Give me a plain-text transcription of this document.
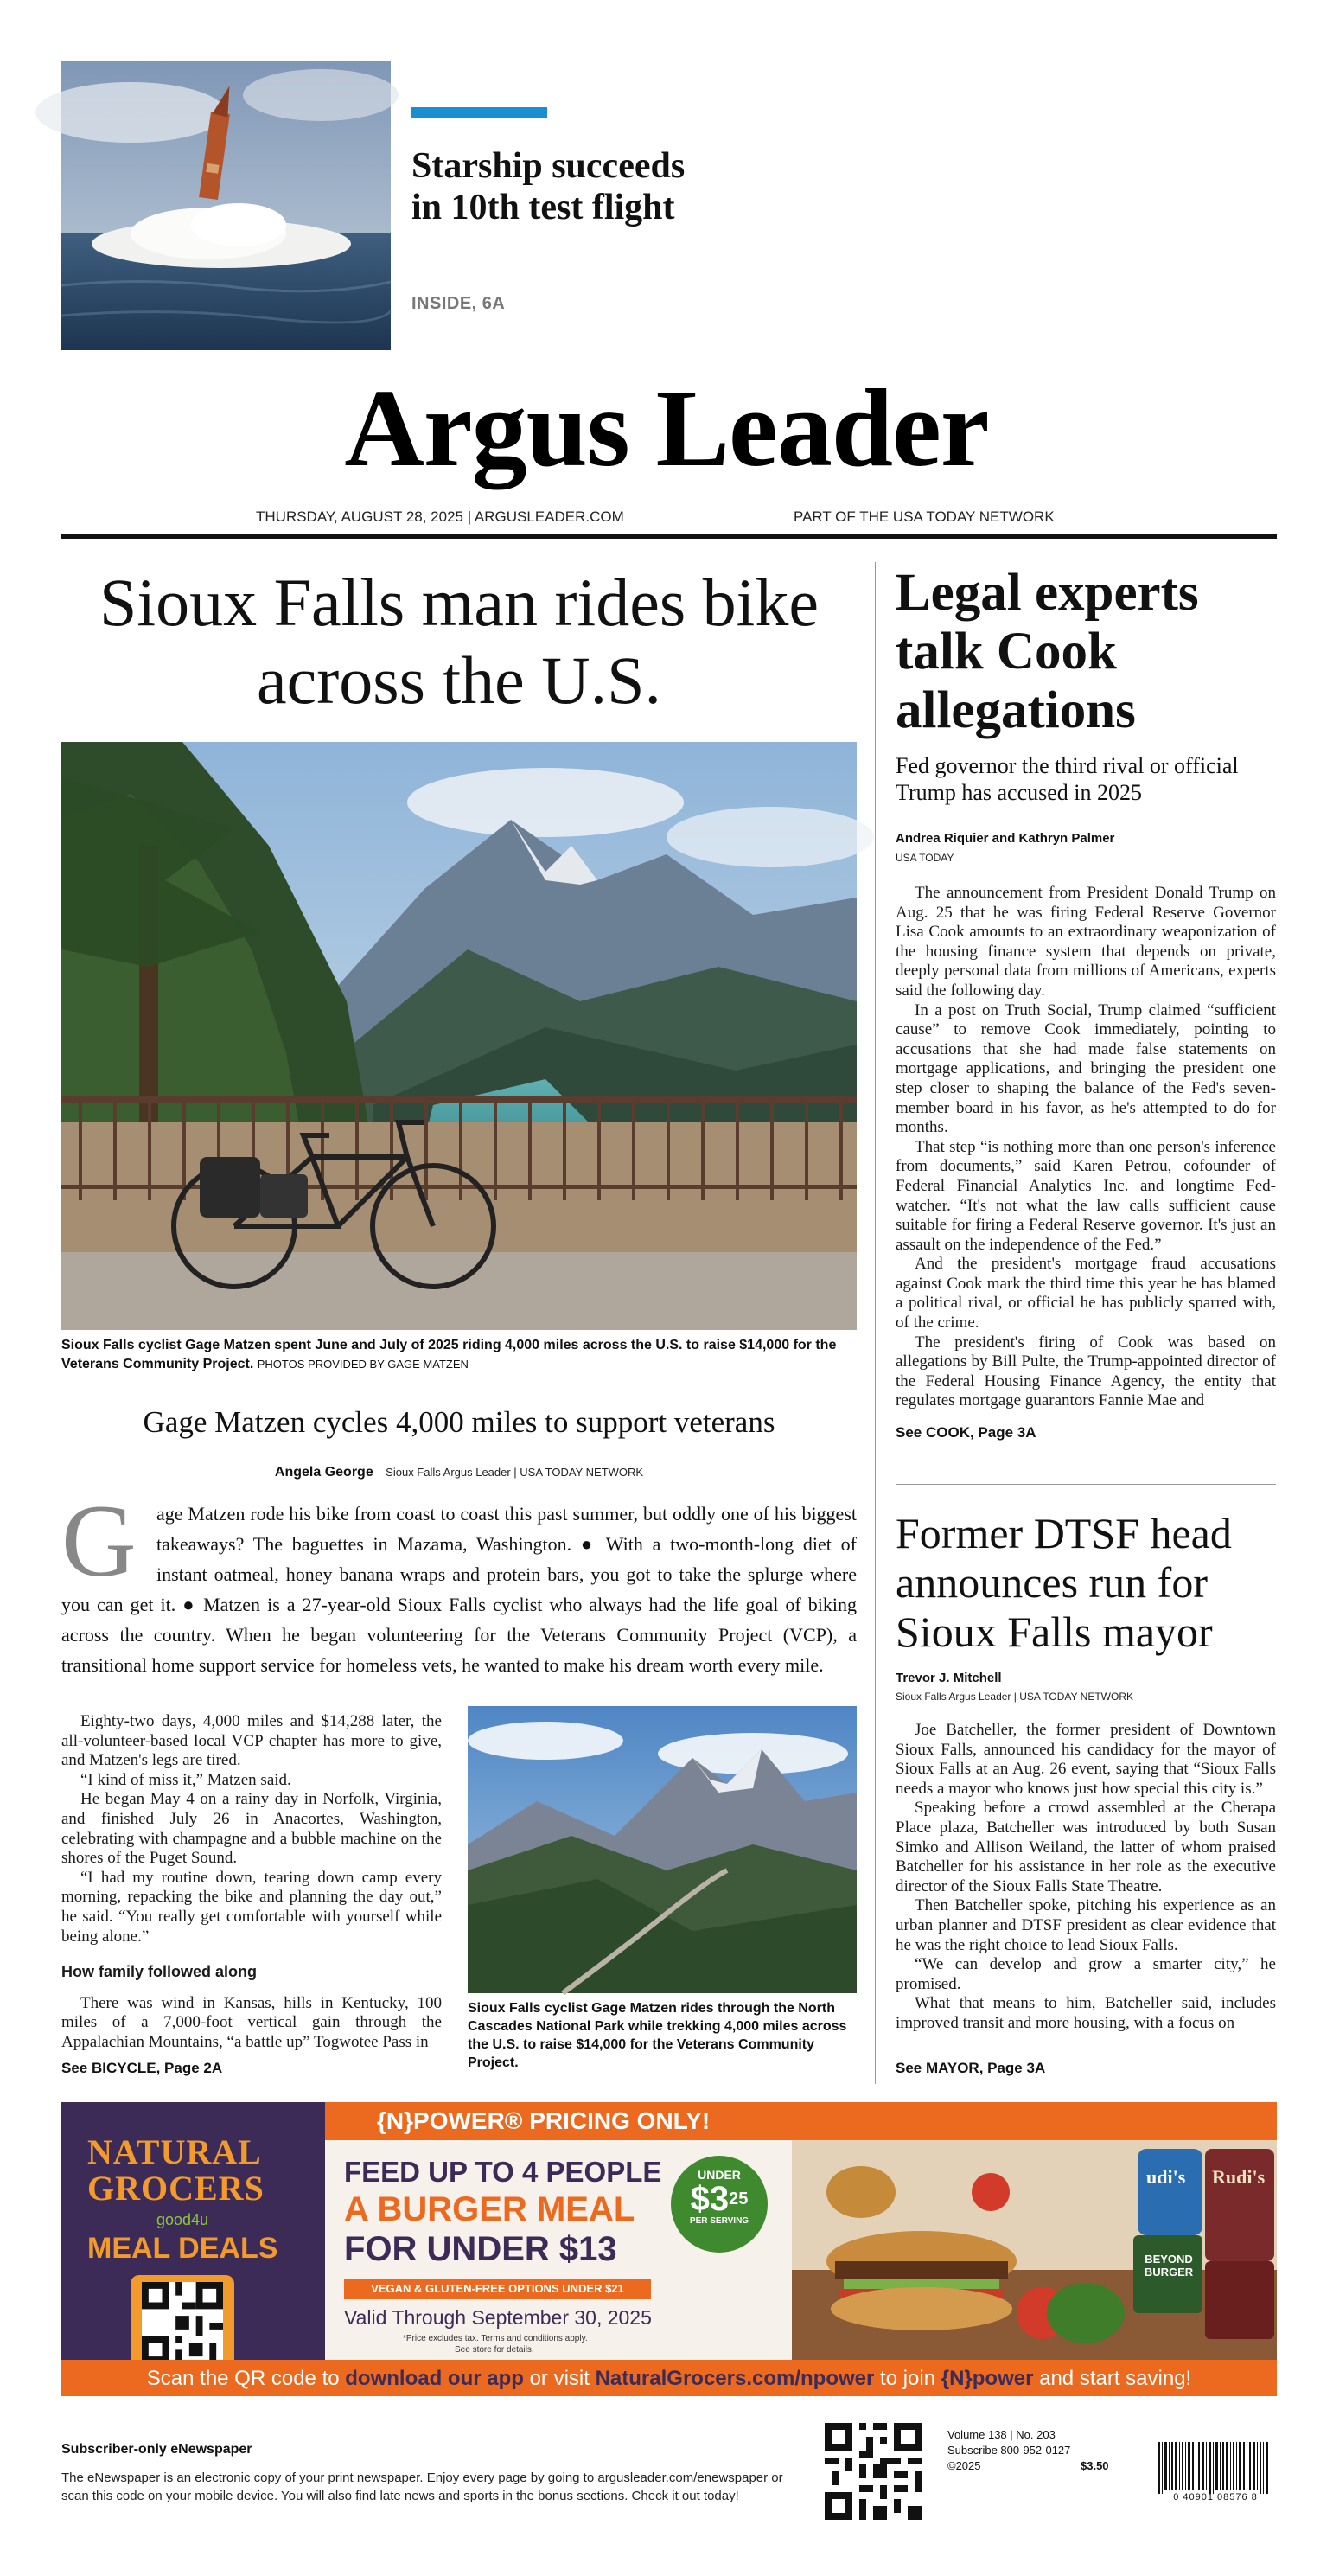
Starship succeeds in 10th test flight
INSIDE, 6A
Argus Leader
THURSDAY, AUGUST 28, 2025 | ARGUSLEADER.COM	PART OF THE USA TODAY NETWORK
Sioux Falls man rides bike across the U.S.
Sioux Falls cyclist Gage Matzen spent June and July of 2025 riding 4,000 miles across the U.S. to raise $14,000 for the Veterans Community Project. PHOTOS PROVIDED BY GAGE MATZEN
Gage Matzen cycles 4,000 miles to support veterans
Angela George Sioux Falls Argus Leader | USA TODAY NETWORK
G	age Matzen rode his bike from coast to coast this past summer, but oddly one of his biggest takeaways? The baguettes in Mazama, Washington. ● With a two-month-long diet of instant oatmeal, honey banana wraps and protein bars, you got to take the splurge where you can get it. ● Matzen is a 27-year-old Sioux Falls cyclist who always had the life goal of biking across the country. When he began volunteering for the Veterans Community Project (VCP), a transitional home support service for homeless vets, he wanted to make his dream worth every mile.

Eighty-two days, 4,000 miles and $14,288 later, the all-volunteer-based local VCP chapter has more to give, and Matzen's legs are tired.

“I kind of miss it,” Matzen said.

He began May 4 on a rainy day in Norfolk, Virginia, and finished July 26 in Anacortes, Washington, celebrating with champagne and a bubble machine on the shores of the Puget Sound.

“I had my routine down, tearing down camp every morning, repacking the bike and planning the day out,” he said. “You really get comfortable with yourself while being alone.”

How family followed along

There was wind in Kansas, hills in Kentucky, 100 miles of a 7,000-foot vertical gain through the Appalachian Mountains, “a battle up” Togwotee Pass in

Sioux Falls cyclist Gage Matzen rides through the North Cascades National Park while trekking 4,000 miles across the U.S. to raise $14,000 for the Veterans Community Project.
See BICYCLE, Page 2A
Legal experts talk Cook allegations
Fed governor the third rival or official Trump has accused in 2025
Andrea Riquier and Kathryn Palmer
USA TODAY

The announcement from President Donald Trump on Aug. 25 that he was firing Federal Reserve Governor Lisa Cook amounts to an extraordinary weaponization of the housing finance system that depends on private, deeply personal data from millions of Americans, experts said the following day.

In a post on Truth Social, Trump claimed “sufficient cause” to remove Cook immediately, pointing to accusations that she had made false statements on mortgage applications, and bringing the president one step closer to shaping the balance of the Fed's seven-member board in his favor, as he's attempted to do for months.

That step “is nothing more than one person's inference from documents,” said Karen Petrou, cofounder of Federal Financial Analytics Inc. and longtime Fed-watcher. “It's not what the law calls sufficient cause suitable for firing a Federal Reserve governor. It's just an assault on the independence of the Fed.”

And the president's mortgage fraud accusations against Cook mark the third time this year he has blamed a political rival, or official he has publicly sparred with, of the crime.

The president's firing of Cook was based on allegations by Bill Pulte, the Trump-appointed director of the Federal Housing Finance Agency, the entity that regulates mortgage guarantors Fannie Mae and

See COOK, Page 3A
Former DTSF head announces run for Sioux Falls mayor
Trevor J. Mitchell
Sioux Falls Argus Leader | USA TODAY NETWORK

Joe Batcheller, the former president of Downtown Sioux Falls, announced his candidacy for the mayor of Sioux Falls at an Aug. 26 event, saying that “Sioux Falls needs a mayor who knows just how special this city is.”

Speaking before a crowd assembled at the Cherapa Place plaza, Batcheller was introduced by both Susan Simko and Allison Weiland, the latter of whom praised Batcheller for his assistance in her role as the executive director of the Sioux Falls State Theatre.

Then Batcheller spoke, pitching his experience as an urban planner and DTSF president as clear evidence that he was the right choice to lead Sioux Falls.

“We can develop and grow a smarter city,” he promised.

What that means to him, Batcheller said, includes improved transit and more housing, with a focus on

See MAYOR, Page 3A
NATURAL
GROCERS
good4u
MEAL DEALS
{N}POWER® PRICING ONLY!
FEED UP TO 4 PEOPLE
A BURGER MEAL
FOR UNDER $13
UNDER
$\$3^{25}$
PER SERVING
VEGAN & GLUTEN-FREE OPTIONS UNDER $21
Valid Through September 30, 2025
*Price excludes tax. Terms and conditions apply.
See store for details.
udi's
BEYOND BURGER
Rudi's
Scan the QR code to download our app or visit NaturalGrocers.com/npower to join {N}power and start saving!
Subscriber-only eNewspaper
The eNewspaper is an electronic copy of your print newspaper. Enjoy every page by going to argusleader.com/enewspaper or scan this code on your mobile device. You will also find late news and sports in the bonus sections. Check it out today!
Volume 138 | No. 203
Subscribe 800-952-0127
©2025	$3.50
0 40901 08576 8
